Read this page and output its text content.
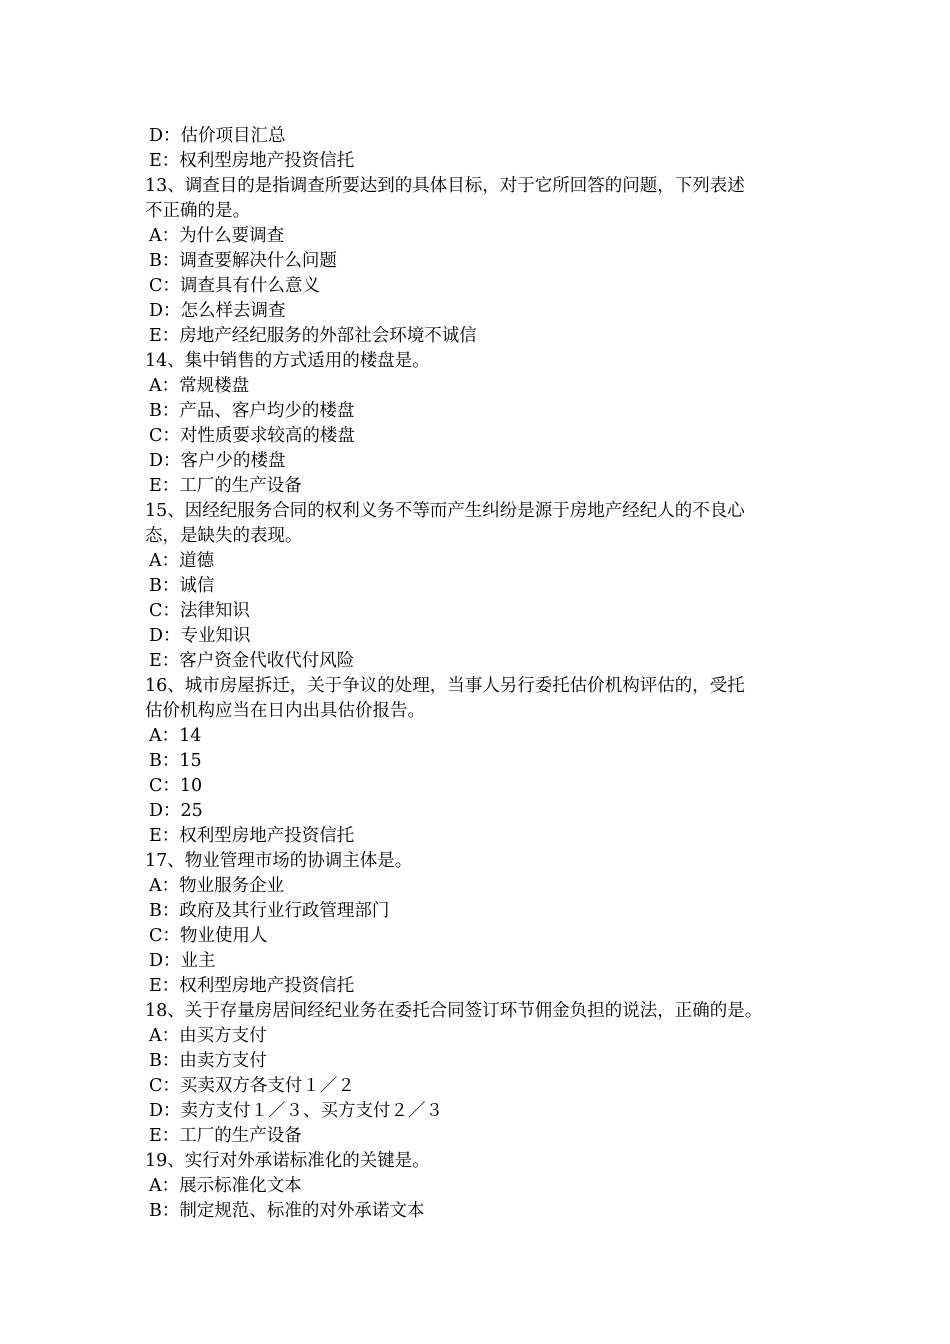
D：估价项目汇总
E：权利型房地产投资信托
13、调查目的是指调查所要达到的具体目标，对于它所回答的问题，下列表述
不正确的是。
A：为什么要调查
B：调查要解决什么问题
C：调查具有什么意义
D：怎么样去调查
E：房地产经纪服务的外部社会环境不诚信
14、集中销售的方式适用的楼盘是。
A：常规楼盘
B：产品、客户均少的楼盘
C：对性质要求较高的楼盘
D：客户少的楼盘
E：工厂的生产设备
15、因经纪服务合同的权利义务不等而产生纠纷是源于房地产经纪人的不良心
态，是缺失的表现。
A：道德
B：诚信
C：法律知识
D：专业知识
E：客户资金代收代付风险
16、城市房屋拆迁，关于争议的处理，当事人另行委托估价机构评估的，受托
估价机构应当在日内出具估价报告。
A：14
B：15
C：10
D：25
E：权利型房地产投资信托
17、物业管理市场的协调主体是。
A：物业服务企业
B：政府及其行业行政管理部门
C：物业使用人
D：业主
E：权利型房地产投资信托
18、关于存量房居间经纪业务在委托合同签订环节佣金负担的说法，正确的是。
A：由买方支付
B：由卖方支付
C：买卖双方各支付１／２
D：卖方支付１／３、买方支付２／３
E：工厂的生产设备
19、实行对外承诺标准化的关键是。
A：展示标准化文本
B：制定规范、标准的对外承诺文本
